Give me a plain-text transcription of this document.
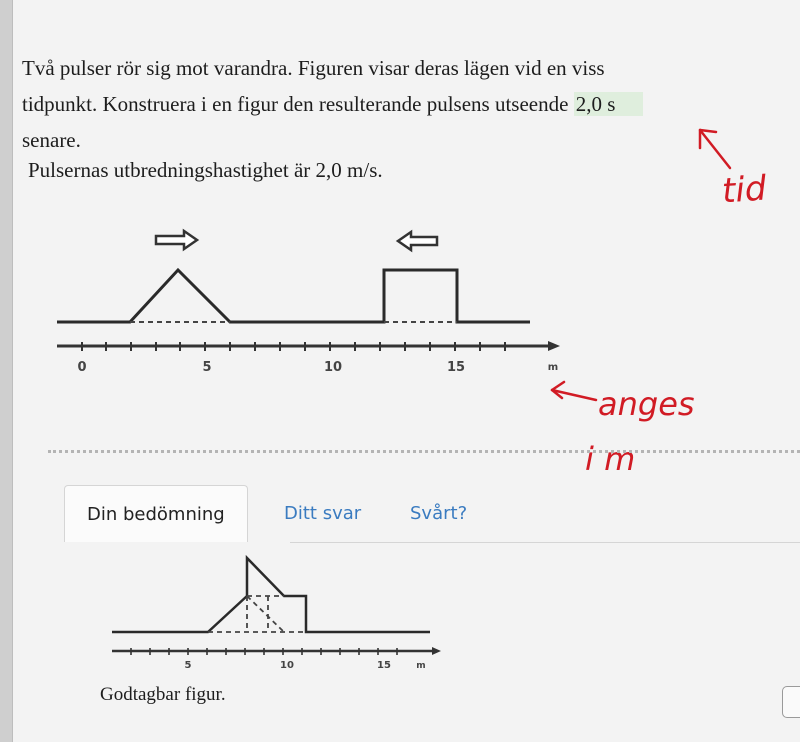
Två pulser rör sig mot varandra. Figuren visar deras lägen vid en viss
tidpunkt. Konstruera i en figur den resulterande pulsens utseende 2,0 s
senare.
Pulsernas utbredningshastighet är 2,0 m/s.
0	5	10	15	m
tid
anges
i m
Din bedömning	Ditt svar	Svårt?
5	10	15	m
Godtagbar figur.
